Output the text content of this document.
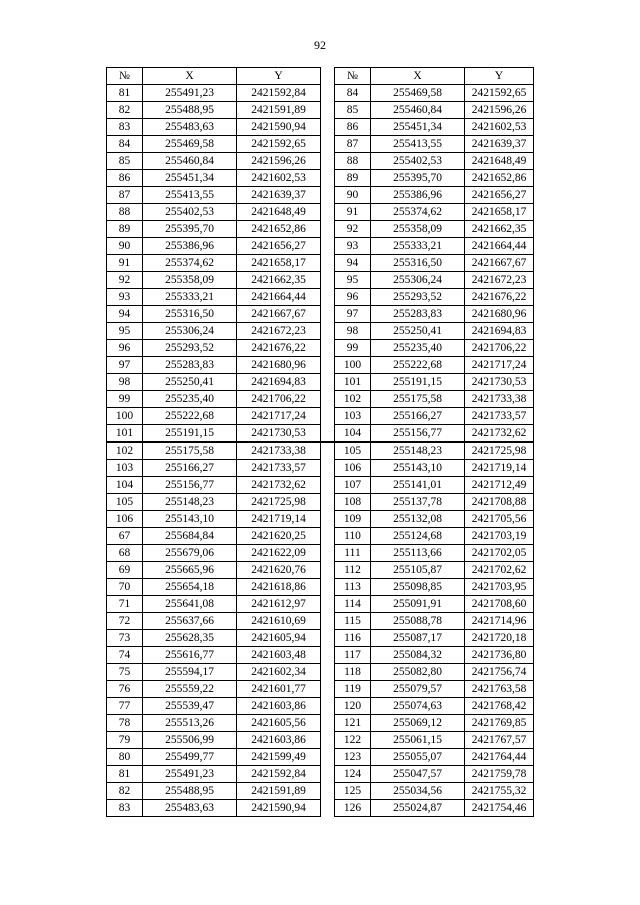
92
№	X	Y		№	X	Y
81	255491,23	2421592,84		84	255469,58	2421592,65
82	255488,95	2421591,89		85	255460,84	2421596,26
83	255483,63	2421590,94		86	255451,34	2421602,53
84	255469,58	2421592,65		87	255413,55	2421639,37
85	255460,84	2421596,26		88	255402,53	2421648,49
86	255451,34	2421602,53		89	255395,70	2421652,86
87	255413,55	2421639,37		90	255386,96	2421656,27
88	255402,53	2421648,49		91	255374,62	2421658,17
89	255395,70	2421652,86		92	255358,09	2421662,35
90	255386,96	2421656,27		93	255333,21	2421664,44
91	255374,62	2421658,17		94	255316,50	2421667,67
92	255358,09	2421662,35		95	255306,24	2421672,23
93	255333,21	2421664,44		96	255293,52	2421676,22
94	255316,50	2421667,67		97	255283,83	2421680,96
95	255306,24	2421672,23		98	255250,41	2421694,83
96	255293,52	2421676,22		99	255235,40	2421706,22
97	255283,83	2421680,96		100	255222,68	2421717,24
98	255250,41	2421694,83		101	255191,15	2421730,53
99	255235,40	2421706,22		102	255175,58	2421733,38
100	255222,68	2421717,24		103	255166,27	2421733,57
101	255191,15	2421730,53		104	255156,77	2421732,62
102	255175,58	2421733,38		105	255148,23	2421725,98
103	255166,27	2421733,57		106	255143,10	2421719,14
104	255156,77	2421732,62		107	255141,01	2421712,49
105	255148,23	2421725,98		108	255137,78	2421708,88
106	255143,10	2421719,14		109	255132,08	2421705,56
67	255684,84	2421620,25		110	255124,68	2421703,19
68	255679,06	2421622,09		111	255113,66	2421702,05
69	255665,96	2421620,76		112	255105,87	2421702,62
70	255654,18	2421618,86		113	255098,85	2421703,95
71	255641,08	2421612,97		114	255091,91	2421708,60
72	255637,66	2421610,69		115	255088,78	2421714,96
73	255628,35	2421605,94		116	255087,17	2421720,18
74	255616,77	2421603,48		117	255084,32	2421736,80
75	255594,17	2421602,34		118	255082,80	2421756,74
76	255559,22	2421601,77		119	255079,57	2421763,58
77	255539,47	2421603,86		120	255074,63	2421768,42
78	255513,26	2421605,56		121	255069,12	2421769,85
79	255506,99	2421603,86		122	255061,15	2421767,57
80	255499,77	2421599,49		123	255055,07	2421764,44
81	255491,23	2421592,84		124	255047,57	2421759,78
82	255488,95	2421591,89		125	255034,56	2421755,32
83	255483,63	2421590,94		126	255024,87	2421754,46
